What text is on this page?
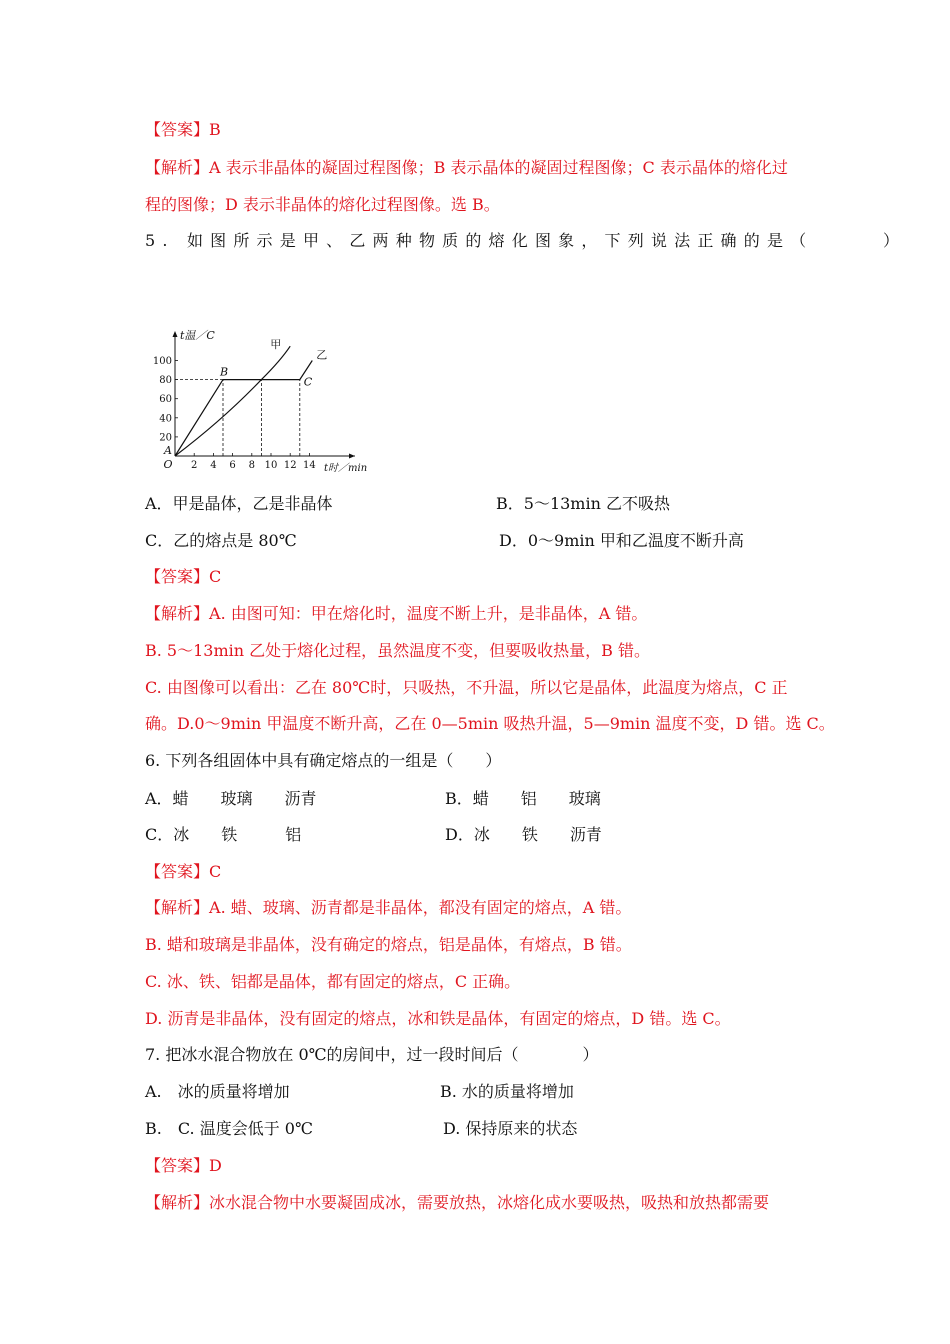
【答案】B
【解析】A 表示非晶体的凝固过程图像；B 表示晶体的凝固过程图像；C 表示晶体的熔化过
程的图像；D 表示非晶体的熔化过程图像。选 B。
5. 如图所示是甲、乙两种物质的熔化图象，下列说法正确的是（　　　）
t温／C
t时／min
2 4 6 8 10 12 14
20
40
60
80
100
O
甲
乙
A
B
C
A．甲是晶体，乙是非晶体	B．5～13min 乙不吸热
C．乙的熔点是 80℃	D．0～9min 甲和乙温度不断升高
【答案】C
【解析】A. 由图可知：甲在熔化时，温度不断上升，是非晶体，A 错。
B. 5～13min 乙处于熔化过程，虽然温度不变，但要吸收热量，B 错。
C. 由图像可以看出：乙在 80℃时，只吸热，不升温，所以它是晶体，此温度为熔点，C 正
确。D.0～9min 甲温度不断升高，乙在 0—5min 吸热升温，5—9min 温度不变，D 错。选 C。
6. 下列各组固体中具有确定熔点的一组是（　　）
A．蜡　　玻璃　　沥青	B．蜡　　铝　　玻璃
C．冰　　铁　　　铝	D．冰　　铁　　沥青
【答案】C
【解析】A. 蜡、玻璃、沥青都是非晶体，都没有固定的熔点，A 错。
B. 蜡和玻璃是非晶体，没有确定的熔点，铝是晶体，有熔点，B 错。
C. 冰、铁、铝都是晶体，都有固定的熔点，C 正确。
D. 沥青是非晶体，没有固定的熔点，冰和铁是晶体，有固定的熔点，D 错。选 C。
7. 把冰水混合物放在 0℃的房间中，过一段时间后（　　　　）
A.　冰的质量将增加	B. 水的质量将增加
B.　C. 温度会低于 0℃	D. 保持原来的状态
【答案】D
【解析】冰水混合物中水要凝固成冰，需要放热，冰熔化成水要吸热，吸热和放热都需要
